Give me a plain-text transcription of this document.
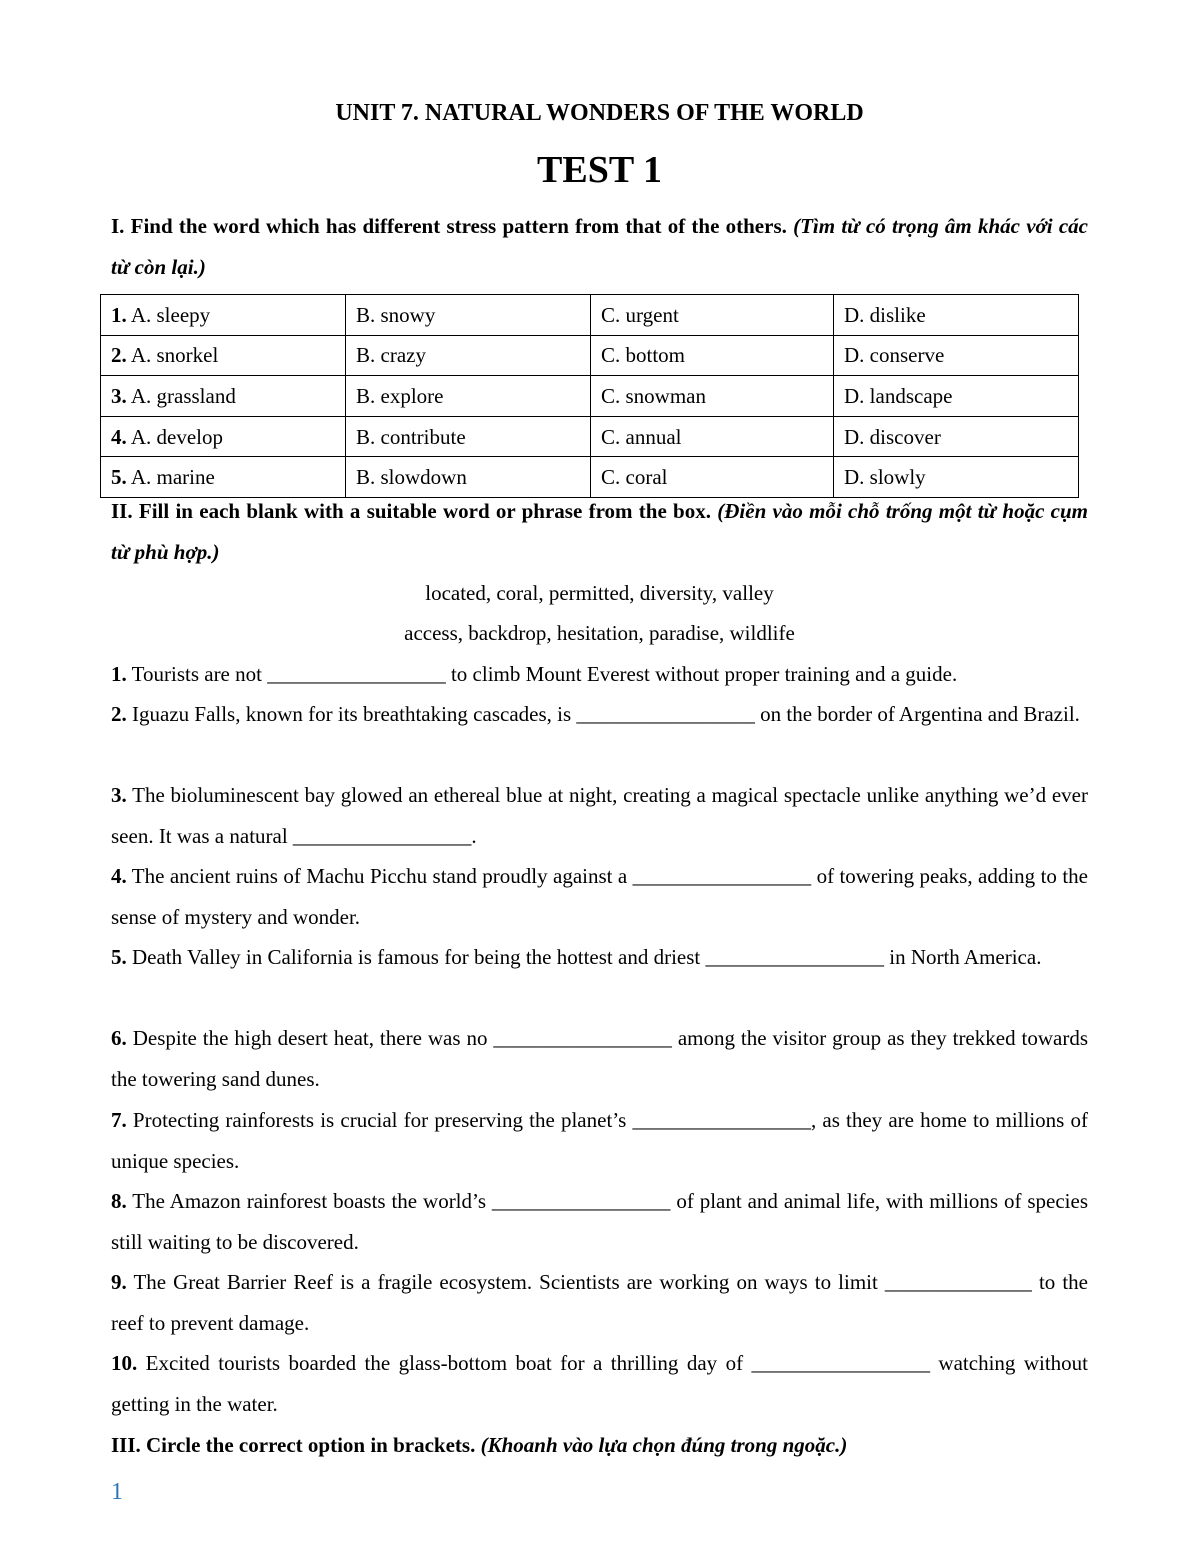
UNIT 7. NATURAL WONDERS OF THE WORLD
TEST 1
I. Find the word which has different stress pattern from that of the others. (Tìm từ có trọng âm khác với các từ còn lại.)
1. A. sleepy	B. snowy	C. urgent	D. dislike
2. A. snorkel	B. crazy	C. bottom	D. conserve
3. A. grassland	B. explore	C. snowman	D. landscape
4. A. develop	B. contribute	C. annual	D. discover
5. A. marine	B. slowdown	C. coral	D. slowly
II. Fill in each blank with a suitable word or phrase from the box. (Điền vào mỗi chỗ trống một từ hoặc cụm từ phù hợp.)
located, coral, permitted, diversity, valley
access, backdrop, hesitation, paradise, wildlife
1. Tourists are not _________________ to climb Mount Everest without proper training and a guide.
2. Iguazu Falls, known for its breathtaking cascades, is _________________ on the border of Argentina and Brazil.
3. The bioluminescent bay glowed an ethereal blue at night, creating a magical spectacle unlike anything we’d ever seen. It was a natural _________________.
4. The ancient ruins of Machu Picchu stand proudly against a _________________ of towering peaks, adding to the sense of mystery and wonder.
5. Death Valley in California is famous for being the hottest and driest _________________ in North America.
6. Despite the high desert heat, there was no _________________ among the visitor group as they trekked towards the towering sand dunes.
7. Protecting rainforests is crucial for preserving the planet’s _________________, as they are home to millions of unique species.
8. The Amazon rainforest boasts the world’s _________________ of plant and animal life, with millions of species still waiting to be discovered.
9. The Great Barrier Reef is a fragile ecosystem. Scientists are working on ways to limit ______________ to the reef to prevent damage.
10. Excited tourists boarded the glass-bottom boat for a thrilling day of _________________ watching without getting in the water.
III. Circle the correct option in brackets. (Khoanh vào lựa chọn đúng trong ngoặc.)
1
